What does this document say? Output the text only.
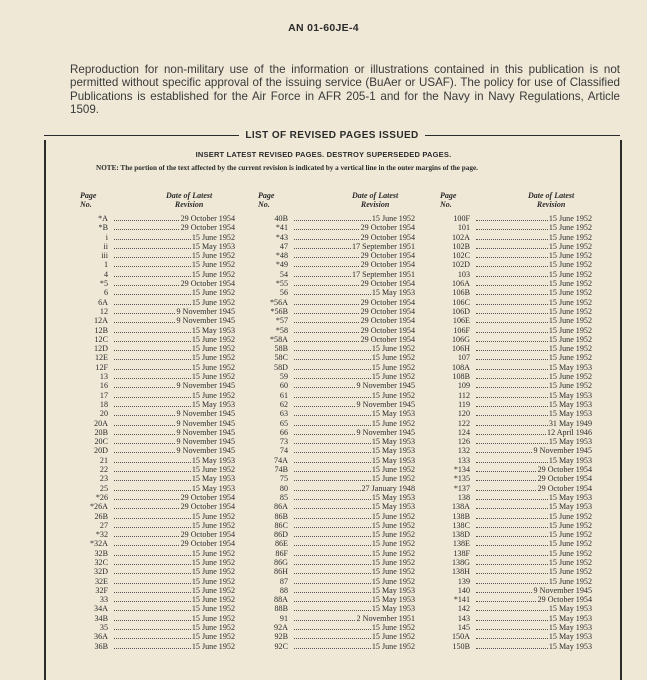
AN 01-60JE-4
Reproduction for non-military use of the information or illustrations contained in this publication is not permitted without specific approval of the issuing service (BuAer or USAF). The policy for use of Classified Publications is established for the Air Force in AFR 205-1 and for the Navy in Navy Regulations, Article 1509.
LIST OF REVISED PAGES ISSUED
INSERT LATEST REVISED PAGES. DESTROY SUPERSEDED PAGES.
NOTE: The portion of the text affected by the current revision is indicated by a vertical line in the outer margins of the page.
Page
No.
Date of Latest
Revision
*A	29 October 1954
*B	29 October 1954
i	15 June 1952
ii	15 May 1953
iii	15 June 1952
1	15 June 1952
4	15 June 1952
*5	29 October 1954
6	15 June 1952
6A	15 June 1952
12	9 November 1945
12A	9 November 1945
12B	15 May 1953
12C	15 June 1952
12D	15 June 1952
12E	15 June 1952
12F	15 June 1952
13	15 June 1952
16	9 November 1945
17	15 June 1952
18	15 May 1953
20	9 November 1945
20A	9 November 1945
20B	9 November 1945
20C	9 November 1945
20D	9 November 1945
21	15 May 1953
22	15 June 1952
23	15 May 1953
25	15 May 1953
*26	29 October 1954
*26A	29 October 1954
26B	15 June 1952
27	15 June 1952
*32	29 October 1954
*32A	29 October 1954
32B	15 June 1952
32C	15 June 1952
32D	15 June 1952
32E	15 June 1952
32F	15 June 1952
33	15 June 1952
34A	15 June 1952
34B	15 June 1952
35	15 June 1952
36A	15 June 1952
36B	15 June 1952
Page
No.
Date of Latest
Revision
40B	15 June 1952
*41	29 October 1954
*43	29 October 1954
47	17 September 1951
*48	29 October 1954
*49	29 October 1954
54	17 September 1951
*55	29 October 1954
56	15 May 1953
*56A	29 October 1954
*56B	29 October 1954
*57	29 October 1954
*58	29 October 1954
*58A	29 October 1954
58B	15 June 1952
58C	15 June 1952
58D	15 June 1952
59	15 June 1952
60	9 November 1945
61	15 June 1952
62	9 November 1945
63	15 May 1953
65	15 June 1952
66	9 November 1945
73	15 May 1953
74	15 May 1953
74A	15 May 1953
74B	15 June 1952
75	15 June 1952
80	27 January 1948
85	15 May 1953
86A	15 May 1953
86B	15 June 1952
86C	15 June 1952
86D	15 June 1952
86E	15 June 1952
86F	15 June 1952
86G	15 June 1952
86H	15 June 1952
87	15 June 1952
88	15 May 1953
88A	15 May 1953
88B	15 May 1953
91	2 November 1951
92A	15 June 1952
92B	15 June 1952
92C	15 June 1952
Page
No.
Date of Latest
Revision
100F	15 June 1952
101	15 June 1952
102A	15 June 1952
102B	15 June 1952
102C	15 June 1952
102D	15 June 1952
103	15 June 1952
106A	15 June 1952
106B	15 June 1952
106C	15 June 1952
106D	15 June 1952
106E	15 June 1952
106F	15 June 1952
106G	15 June 1952
106H	15 June 1952
107	15 June 1952
108A	15 May 1953
108B	15 June 1952
109	15 June 1952
112	15 May 1953
119	15 May 1953
120	15 May 1953
122	31 May 1949
124	12 April 1946
126	15 May 1953
132	9 November 1945
133	15 May 1953
*134	29 October 1954
*135	29 October 1954
*137	29 October 1954
138	15 May 1953
138A	15 May 1953
138B	15 June 1952
138C	15 June 1952
138D	15 June 1952
138E	15 June 1952
138F	15 June 1952
138G	15 June 1952
138H	15 June 1952
139	15 June 1952
140	9 November 1945
*141	29 October 1954
142	15 May 1953
143	15 May 1953
145	15 May 1953
150A	15 May 1953
150B	15 May 1953
